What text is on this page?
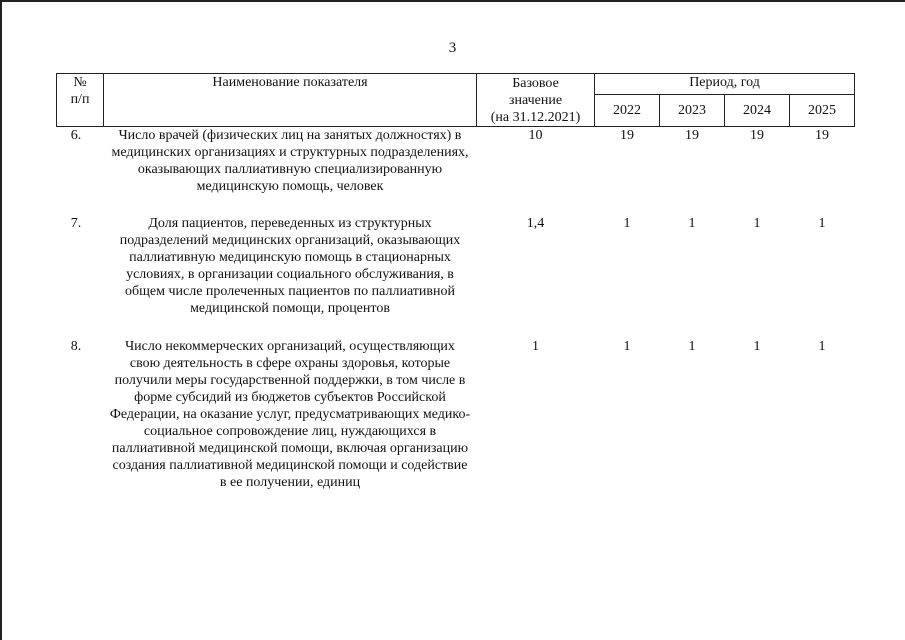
3
№
п/п	Наименование показателя	Базовое
значение
(на 31.12.2021)	Период, год			
			2022	2023	2024	2025
6.	Число врачей (физических лиц на занятых должностях) в медицинских организациях и структурных подразделениях, оказывающих паллиативную специализированную медицинскую помощь, человек	10	19	19	19	19
7.	Доля пациентов, переведенных из структурных подразделений медицинских организаций, оказывающих паллиативную медицинскую помощь в стационарных условиях, в организации социального обслуживания, в общем числе пролеченных пациентов по паллиативной медицинской помощи, процентов	1,4	1	1	1	1
8.	Число некоммерческих организаций, осуществляющих свою деятельность в сфере охраны здоровья, которые получили меры государственной поддержки, в том числе в форме субсидий из бюджетов субъектов Российской Федерации, на оказание услуг, предусматривающих медико-социальное сопровождение лиц, нуждающихся в паллиативной медицинской помощи, включая организацию создания паллиативной медицинской помощи и содействие в ее получении, единиц	1	1	1	1	1
